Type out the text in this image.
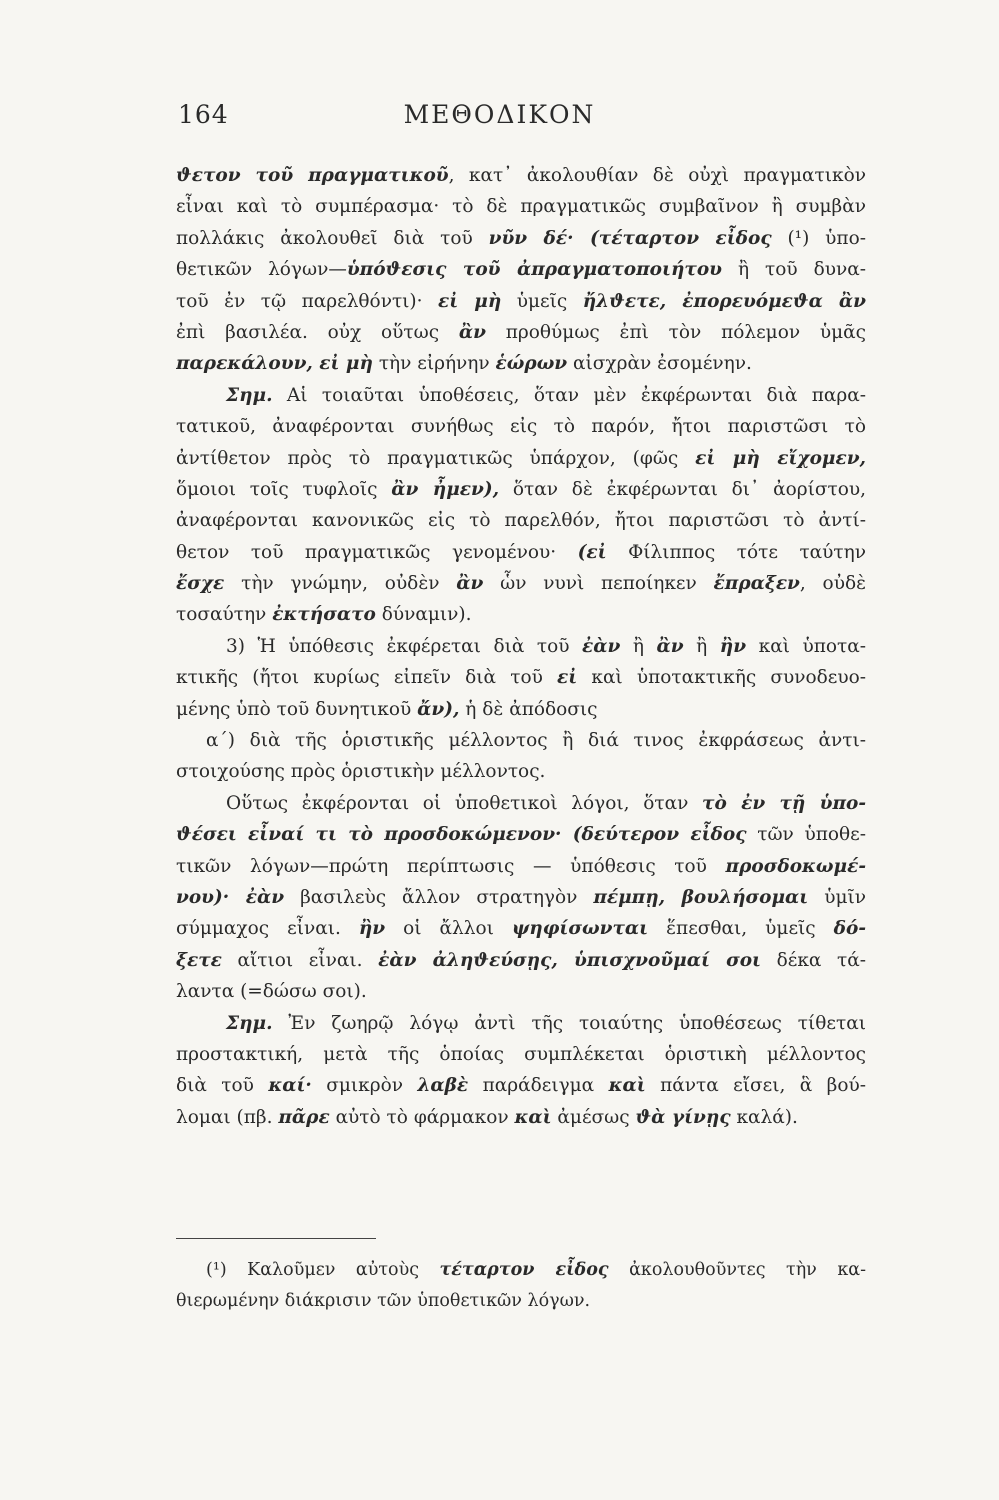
164	ΜΕΘΟΔΙΚΟΝ
ϑετον τοῦ πραγματικοῦ, κατ᾽ ἀκολουθίαν δὲ οὐχὶ πραγματικὸν
εἶναι καὶ τὸ συμπέρασμα· τὸ δὲ πραγματικῶς συμβαῖνον ἢ συμβὰν
πολλάκις ἀκολουθεῖ διὰ τοῦ νῦν δέ· (τέταρτον εἶδος (¹) ὑπο-
θετικῶν λόγων—ὑπόϑεσις τοῦ ἀπραγματοποιήτου ἢ τοῦ δυνα-
τοῦ ἐν τῷ παρελθόντι)· εἰ μὴ ὑμεῖς ἤλϑετε, ἐπορευόμεϑα ἂν
ἐπὶ βασιλέα. οὐχ οὕτως ἂν προθύμως ἐπὶ τὸν πόλεμον ὑμᾶς
παρεκάλουν, εἰ μὴ τὴν εἰρήνην ἑώρων αἰσχρὰν ἐσομένην.
Σημ. Αἱ τοιαῦται ὑποθέσεις, ὅταν μὲν ἐκφέρωνται διὰ παρα-
τατικοῦ, ἀναφέρονται συνήθως εἰς τὸ παρόν, ἤτοι παριστῶσι τὸ
ἀντίθετον πρὸς τὸ πραγματικῶς ὑπάρχον, (φῶς εἰ μὴ εἴχομεν,
ὅμοιοι τοῖς τυφλοῖς ἂν ἦμεν), ὅταν δὲ ἐκφέρωνται δι᾽ ἀορίστου,
ἀναφέρονται κανονικῶς εἰς τὸ παρελθόν, ἤτοι παριστῶσι τὸ ἀντί-
θετον τοῦ πραγματικῶς γενομένου· (εἰ Φίλιππος τότε ταύτην
ἔσχε τὴν γνώμην, οὐδὲν ἂν ὧν νυνὶ πεποίηκεν ἔπραξεν, οὐδὲ
τοσαύτην ἐκτήσατο δύναμιν).
3) Ἡ ὑπόθεσις ἐκφέρεται διὰ τοῦ ἐὰν ἢ ἂν ἢ ἢν καὶ ὑποτα-
κτικῆς (ἤτοι κυρίως εἰπεῖν διὰ τοῦ εἰ καὶ ὑποτακτικῆς συνοδευο-
μένης ὑπὸ τοῦ δυνητικοῦ ἄν), ἡ δὲ ἀπόδοσις
α΄) διὰ τῆς ὁριστικῆς μέλλοντος ἢ διά τινος ἐκφράσεως ἀντι-
στοιχούσης πρὸς ὁριστικὴν μέλλοντος.
Οὕτως ἐκφέρονται οἱ ὑποθετικοὶ λόγοι, ὅταν τὸ ἐν τῇ ὑπο-
ϑέσει εἶναί τι τὸ προσδοκώμενον· (δεύτερον εἶδος τῶν ὑποθε-
τικῶν λόγων—πρώτη περίπτωσις — ὑπόθεσις τοῦ προσδοκωμέ-
νου)· ἐὰν βασιλεὺς ἄλλον στρατηγὸν πέμπῃ, βουλήσομαι ὑμῖν
σύμμαχος εἶναι. ἢν οἱ ἄλλοι ψηφίσωνται ἕπεσθαι, ὑμεῖς δό-
ξετε αἴτιοι εἶναι. ἐὰν ἀληϑεύσῃς, ὑπισχνοῦμαί σοι δέκα τά-
λαντα (=δώσω σοι).
Σημ. Ἐν ζωηρῷ λόγῳ ἀντὶ τῆς τοιαύτης ὑποθέσεως τίθεται
προστακτική, μετὰ τῆς ὁποίας συμπλέκεται ὁριστικὴ μέλλοντος
διὰ τοῦ καί· σμικρὸν λαβὲ παράδειγμα καὶ πάντα εἴσει, ἃ βού-
λομαι (πβ. πᾶρε αὐτὸ τὸ φάρμακον καὶ ἀμέσως ϑὰ γίνῃς καλά).
(¹) Καλοῦμεν αὐτοὺς τέταρτον εἶδος ἀκολουθοῦντες τὴν κα-
θιερωμένην διάκρισιν τῶν ὑποθετικῶν λόγων.
